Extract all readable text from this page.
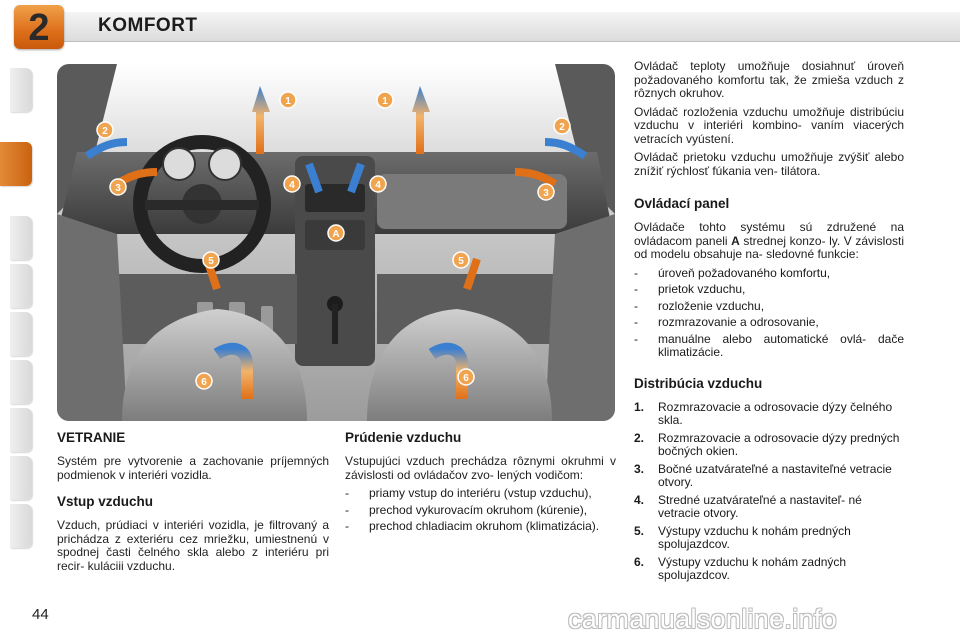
2	KOMFORT
1	1
2	2
3	3
4	4
A
5	5
6	6
VETRANIE

Systém pre vytvorenie a zachovanie príjemných podmienok v interiéri vozidla.

Vstup vzduchu

Vzduch, prúdiaci v interiéri vozidla, je filtrovaný a prichádza z exteriéru cez mriežku, umiestnenú v spodnej časti čelného skla alebo z interiéru pri recir- kuláciii vzduchu.

Prúdenie vzduchu

Vstupujúci vzduch prechádza rôznymi okruhmi v závislosti od ovládačov zvo- lených vodičom:

- priamy vstup do interiéru (vstup vzduchu),
- prechod vykurovacím okruhom (kúrenie),
- prechod chladiacim okruhom (klimatizácia).

Ovládač teploty umožňuje dosiahnuť úroveň požadovaného komfortu tak, že zmieša vzduch z rôznych okruhov.

Ovládač rozloženia vzduchu umožňuje distribúciu vzduchu v interiéri kombino- vaním viacerých vetracích vyústení.

Ovládač prietoku vzduchu umožňuje zvýšiť alebo znížiť rýchlosť fúkania ven- tilátora.

Ovládací panel

Ovládače tohto systému sú združené na ovládacom paneli A strednej konzo- ly. V závislosti od modelu obsahuje na- sledovné funkcie:

- úroveň požadovaného komfortu,
- prietok vzduchu,
- rozloženie vzduchu,
- rozmrazovanie a odrosovanie,
- manuálne alebo automatické ovlá- dače klimatizácie.
Distribúcia vzduchu
1. Rozmrazovacie a odrosovacie dýzy čelného skla.
2. Rozmrazovacie a odrosovacie dýzy predných bočných okien.
3. Bočné uzatvárateľné a nastaviteľné vetracie otvory.
4. Stredné uzatvárateľné a nastaviteľ- né vetracie otvory.
5. Výstupy vzduchu k nohám predných spolujazdcov.
6. Výstupy vzduchu k nohám zadných spolujazdcov.
44	carmanualsonline.info
